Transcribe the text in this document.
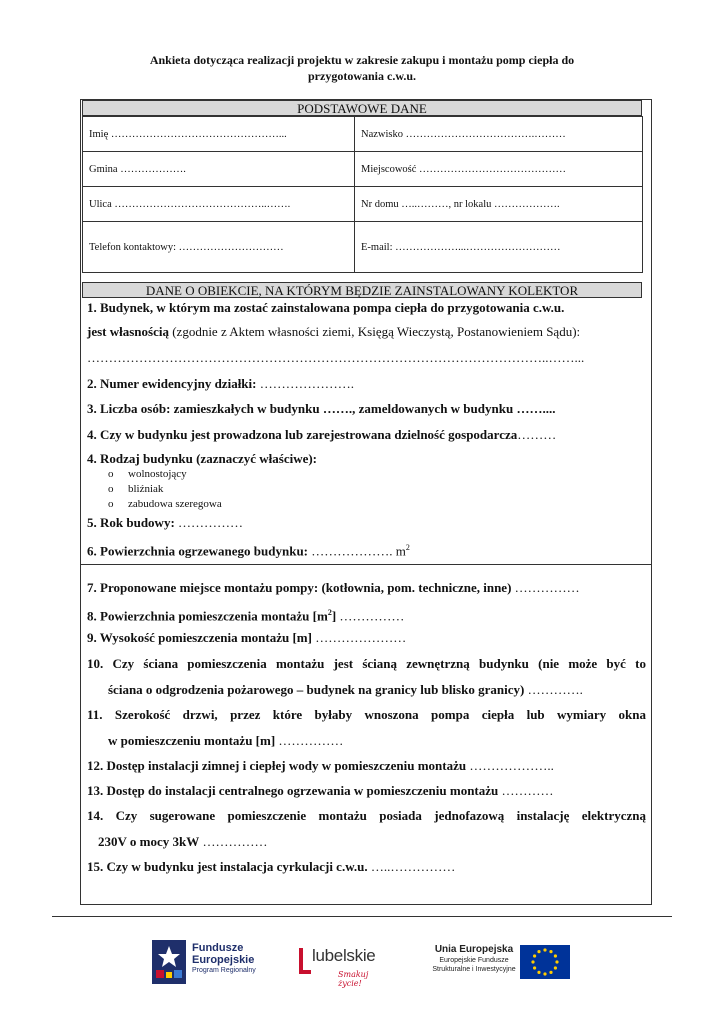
Ankieta dotycząca realizacji projektu w zakresie zakupu i montażu pomp ciepła do
przygotowania c.w.u.
PODSTAWOWE DANE
Imię …………………………………………...	Nazwisko ……………………………….………
Gmina ……………….	Miejscowość ……………………………………
Ulica ……………………………………..…….	Nr domu …..………, nr lokalu ……………….
Telefon kontaktowy: …………………………	E-mail: ………………...………………………
DANE O OBIEKCIE, NA KTÓRYM BĘDZIE ZAINSTALOWANY KOLEKTOR
1. Budynek, w którym ma zostać zainstalowana pompa ciepła do przygotowania c.w.u.
jest własnością (zgodnie z Aktem własności ziemi, Księgą Wieczystą, Postanowieniem Sądu):
……………………………………………………………………………………………..……...
2. Numer ewidencyjny działki: ………………….
3. Liczba osób: zamieszkałych w budynku ……., zameldowanych w budynku ……....
4. Czy w budynku jest prowadzona lub zarejestrowana dzielność gospodarcza………
4. Rodzaj budynku (zaznaczyć właściwe):
o wolnostojący
o bliźniak
o zabudowa szeregowa
5. Rok budowy: ……………
6. Powierzchnia ogrzewanego budynku: ………………. $m^2$
7. Proponowane miejsce montażu pompy: (kotłownia, pom. techniczne, inne) ……………
8. Powierzchnia pomieszczenia montażu $[m^2]$ ……………
9. Wysokość pomieszczenia montażu [m] …………………
10. Czy ściana pomieszczenia montażu jest ścianą zewnętrzną budynku (nie może być to
ściana o odgrodzenia pożarowego – budynek na granicy lub blisko granicy) ………….
11. Szerokość drzwi, przez które byłaby wnoszona pompa ciepła lub wymiary okna
w pomieszczeniu montażu [m] ……………
12. Dostęp instalacji zimnej i ciepłej wody w pomieszczeniu montażu ………………..
13. Dostęp do instalacji centralnego ogrzewania w pomieszczeniu montażu …………
14. Czy sugerowane pomieszczenie montażu posiada jednofazową instalację elektryczną
230V o mocy 3kW ……………
15. Czy w budynku jest instalacja cyrkulacji c.w.u. …..……………
Fundusze
Europejskie
Program Regionalny
lubelskie
Smakuj życie!
Unia Europejska
Europejskie Fundusze
Strukturalne i Inwestycyjne
